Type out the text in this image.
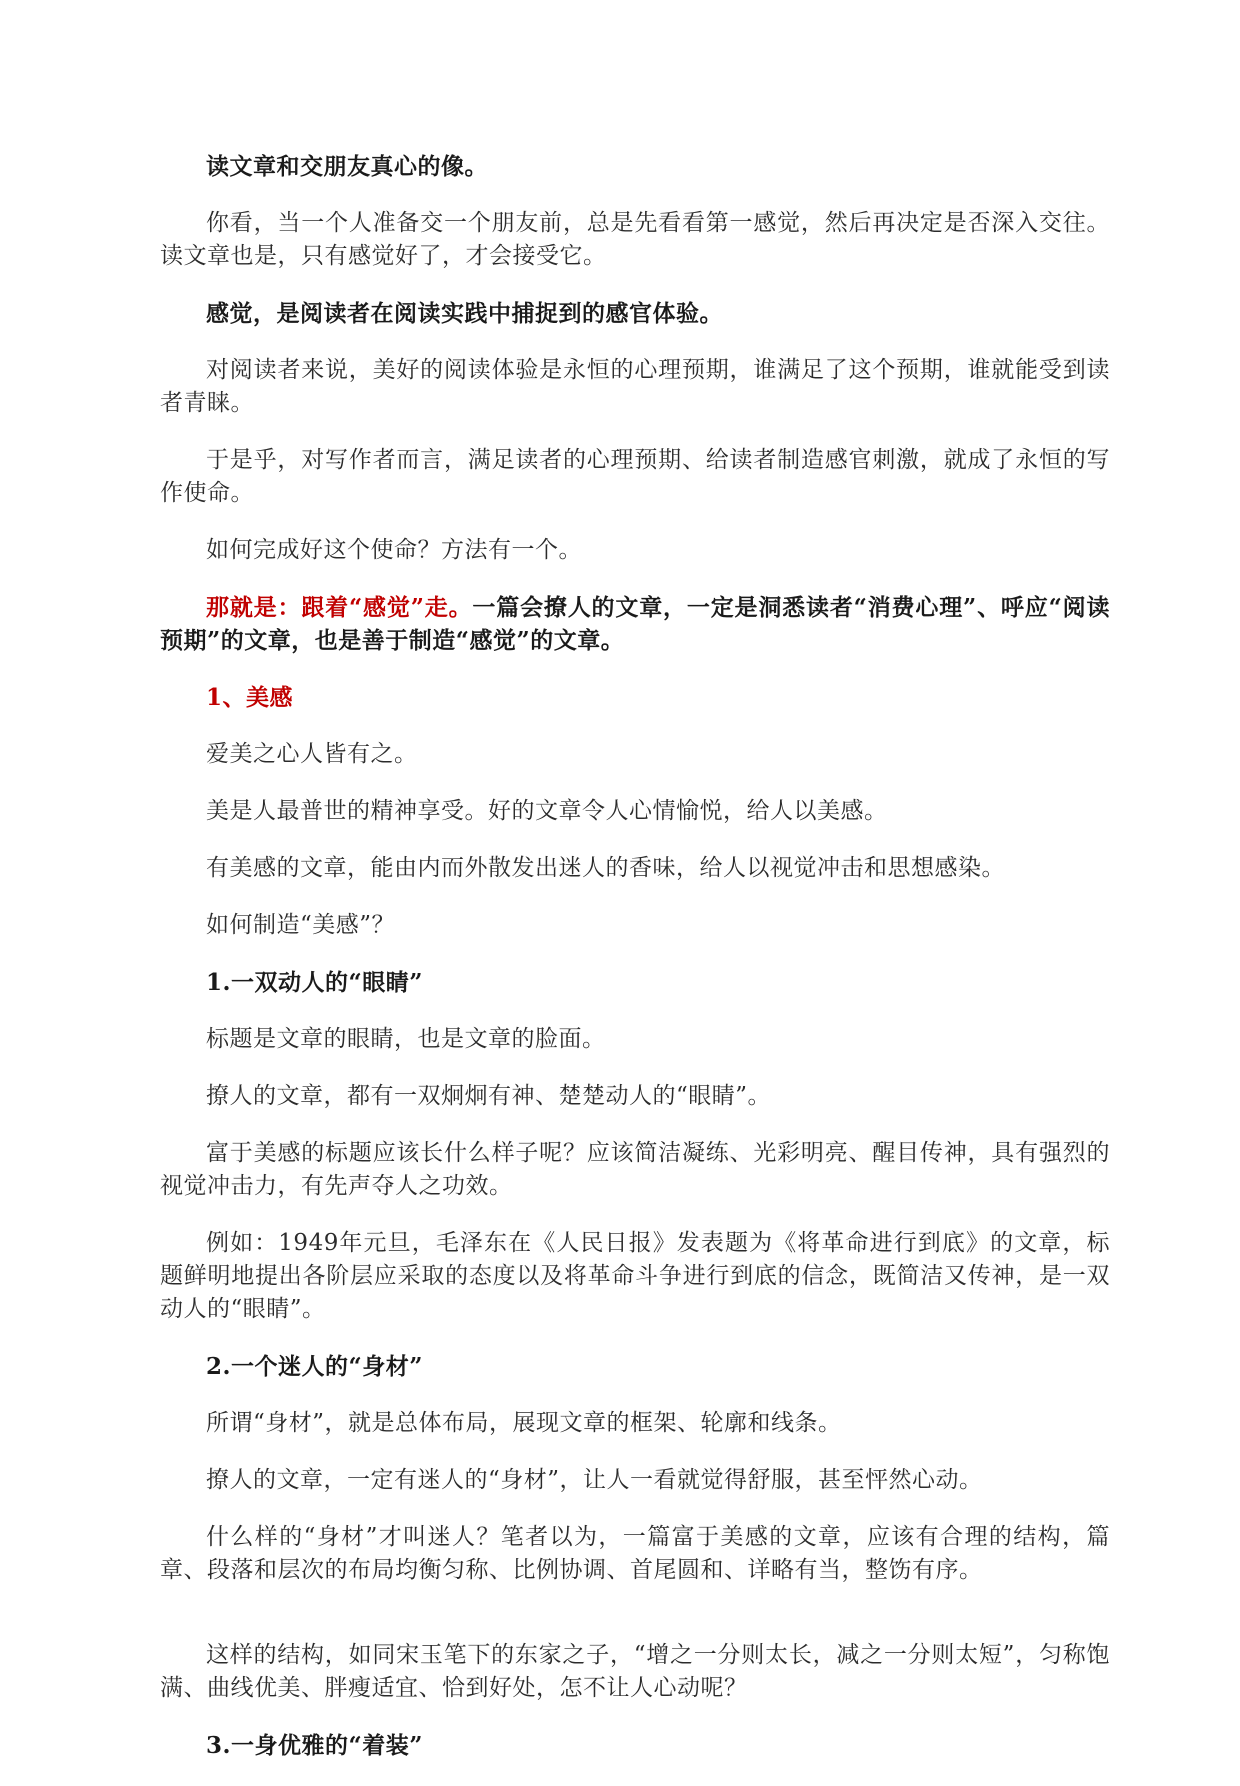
读文章和交朋友真心的像。

你看，当一个人准备交一个朋友前，总是先看看第一感觉，然后再决定是否深入交往。读文章也是，只有感觉好了，才会接受它。

感觉，是阅读者在阅读实践中捕捉到的感官体验。

对阅读者来说，美好的阅读体验是永恒的心理预期，谁满足了这个预期，谁就能受到读者青睐。

于是乎，对写作者而言，满足读者的心理预期、给读者制造感官刺激，就成了永恒的写作使命。

如何完成好这个使命？方法有一个。

那就是：跟着“感觉”走。一篇会撩人的文章，一定是洞悉读者“消费心理”、呼应“阅读预期”的文章，也是善于制造“感觉”的文章。

1、美感

爱美之心人皆有之。

美是人最普世的精神享受。好的文章令人心情愉悦，给人以美感。

有美感的文章，能由内而外散发出迷人的香味，给人以视觉冲击和思想感染。

如何制造“美感”？

1.一双动人的“眼睛”

标题是文章的眼睛，也是文章的脸面。

撩人的文章，都有一双炯炯有神、楚楚动人的“眼睛”。

富于美感的标题应该长什么样子呢？应该简洁凝练、光彩明亮、醒目传神，具有强烈的视觉冲击力，有先声夺人之功效。

例如：1949年元旦，毛泽东在《人民日报》发表题为《将革命进行到底》的文章，标题鲜明地提出各阶层应采取的态度以及将革命斗争进行到底的信念，既简洁又传神，是一双动人的“眼睛”。

2.一个迷人的“身材”

所谓“身材”，就是总体布局，展现文章的框架、轮廓和线条。

撩人的文章，一定有迷人的“身材”，让人一看就觉得舒服，甚至怦然心动。

什么样的“身材”才叫迷人？笔者以为，一篇富于美感的文章，应该有合理的结构，篇章、段落和层次的布局均衡匀称、比例协调、首尾圆和、详略有当，整饬有序。

这样的结构，如同宋玉笔下的东家之子，“增之一分则太长，减之一分则太短”，匀称饱满、曲线优美、胖瘦适宜、恰到好处，怎不让人心动呢？

3.一身优雅的“着装”
